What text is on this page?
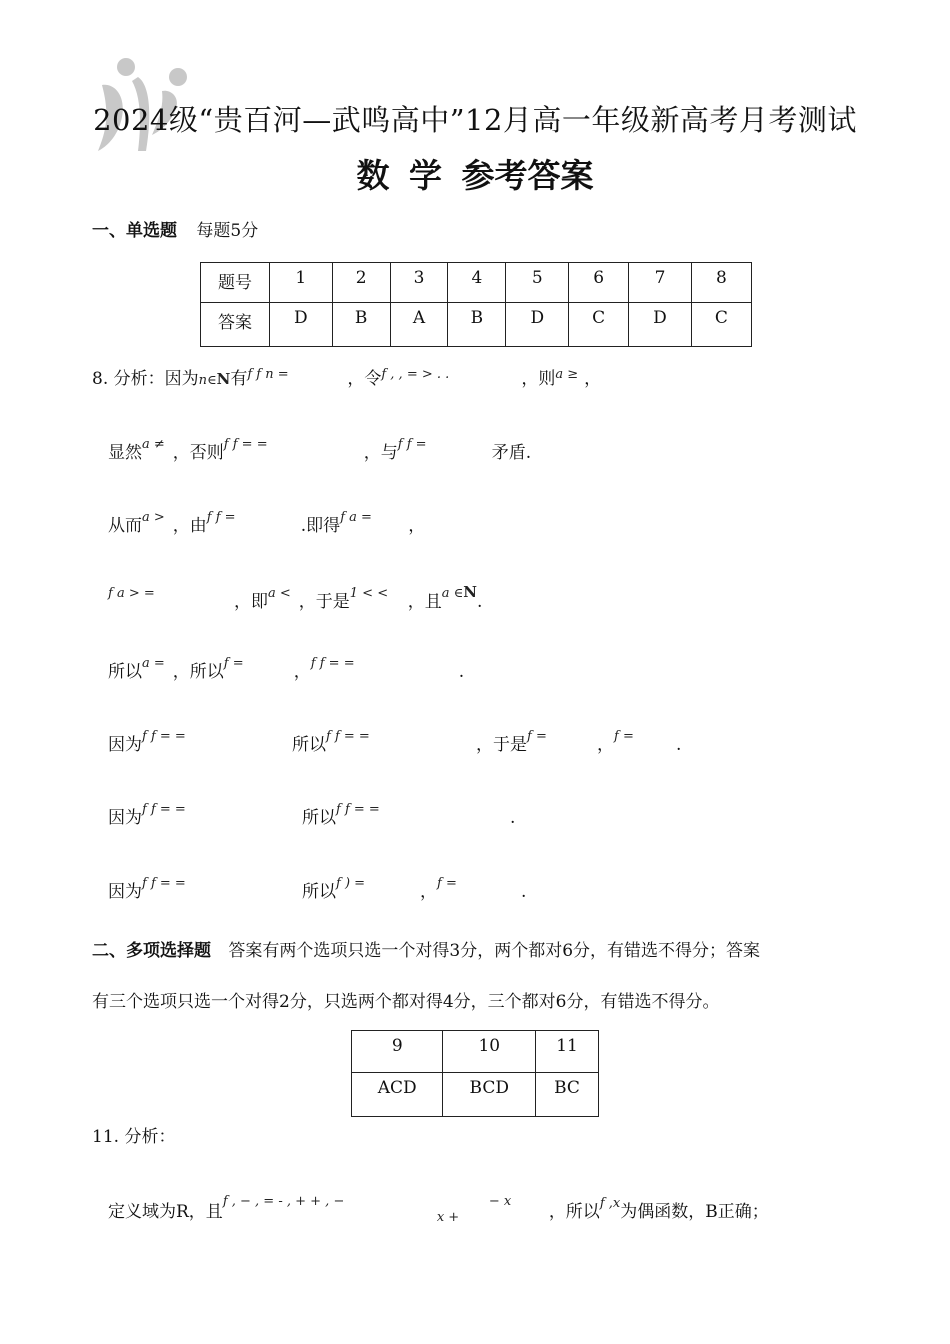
2024级“贵百河—武鸣高中”12月高一年级新高考月考测试
数 学 参考答案
一、单选题 每题5分
题号	1	2	3	4	5	6	7	8
答案	D	B	A	B	D	C	D	C
8. 分析：因为n∈N有f f n =	，令f , , = > . .	，则$^{a \ge}$ ，
显然$^{a \ne}$ ，否则f f = =	，与f f =	矛盾.
从而$^{a >}$ ，由f f =	.即得f a = ，
f a > =	，即$^{a <}$ ，于是1 < < ，且$^{a \in}$N.
所以$^{a =}$ ，所以f =	，f f = =	.
因为f f = =	所以f f = =	，于是f =	，f = .
因为f f = =	所以f f = =	.
因为f f = =	所以f ) =	，f =	.
二、多项选择题 答案有两个选项只选一个对得3分，两个都对6分，有错选不得分；答案
有三个选项只选一个对得2分，只选两个都对得4分，三个都对6分，有错选不得分。
9	10	11
ACD	BCD	BC
11. 分析：
定义域为R，且f , − , = - , + + , −x +− x，所以$^{f ,x}$为偶函数，B正确；
